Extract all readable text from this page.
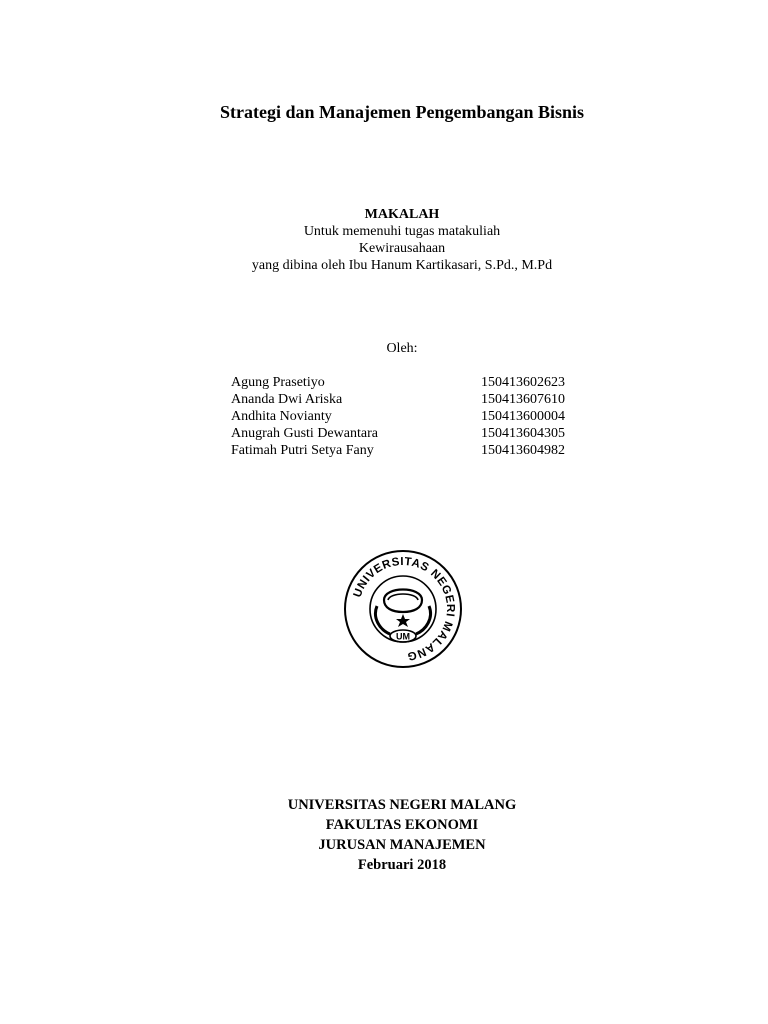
Strategi dan Manajemen Pengembangan Bisnis
MAKALAH
Untuk memenuhi tugas matakuliah
Kewirausahaan
yang dibina oleh Ibu Hanum Kartikasari, S.Pd., M.Pd
Oleh:
Agung Prasetiyo	150413602623
Ananda Dwi Ariska	150413607610
Andhita Novianty	150413600004
Anugrah Gusti Dewantara	150413604305
Fatimah Putri Setya Fany	150413604982
UNIVERSITAS NEGERI MALANG
UM
UNIVERSITAS NEGERI MALANG
FAKULTAS EKONOMI
JURUSAN MANAJEMEN
Februari 2018
